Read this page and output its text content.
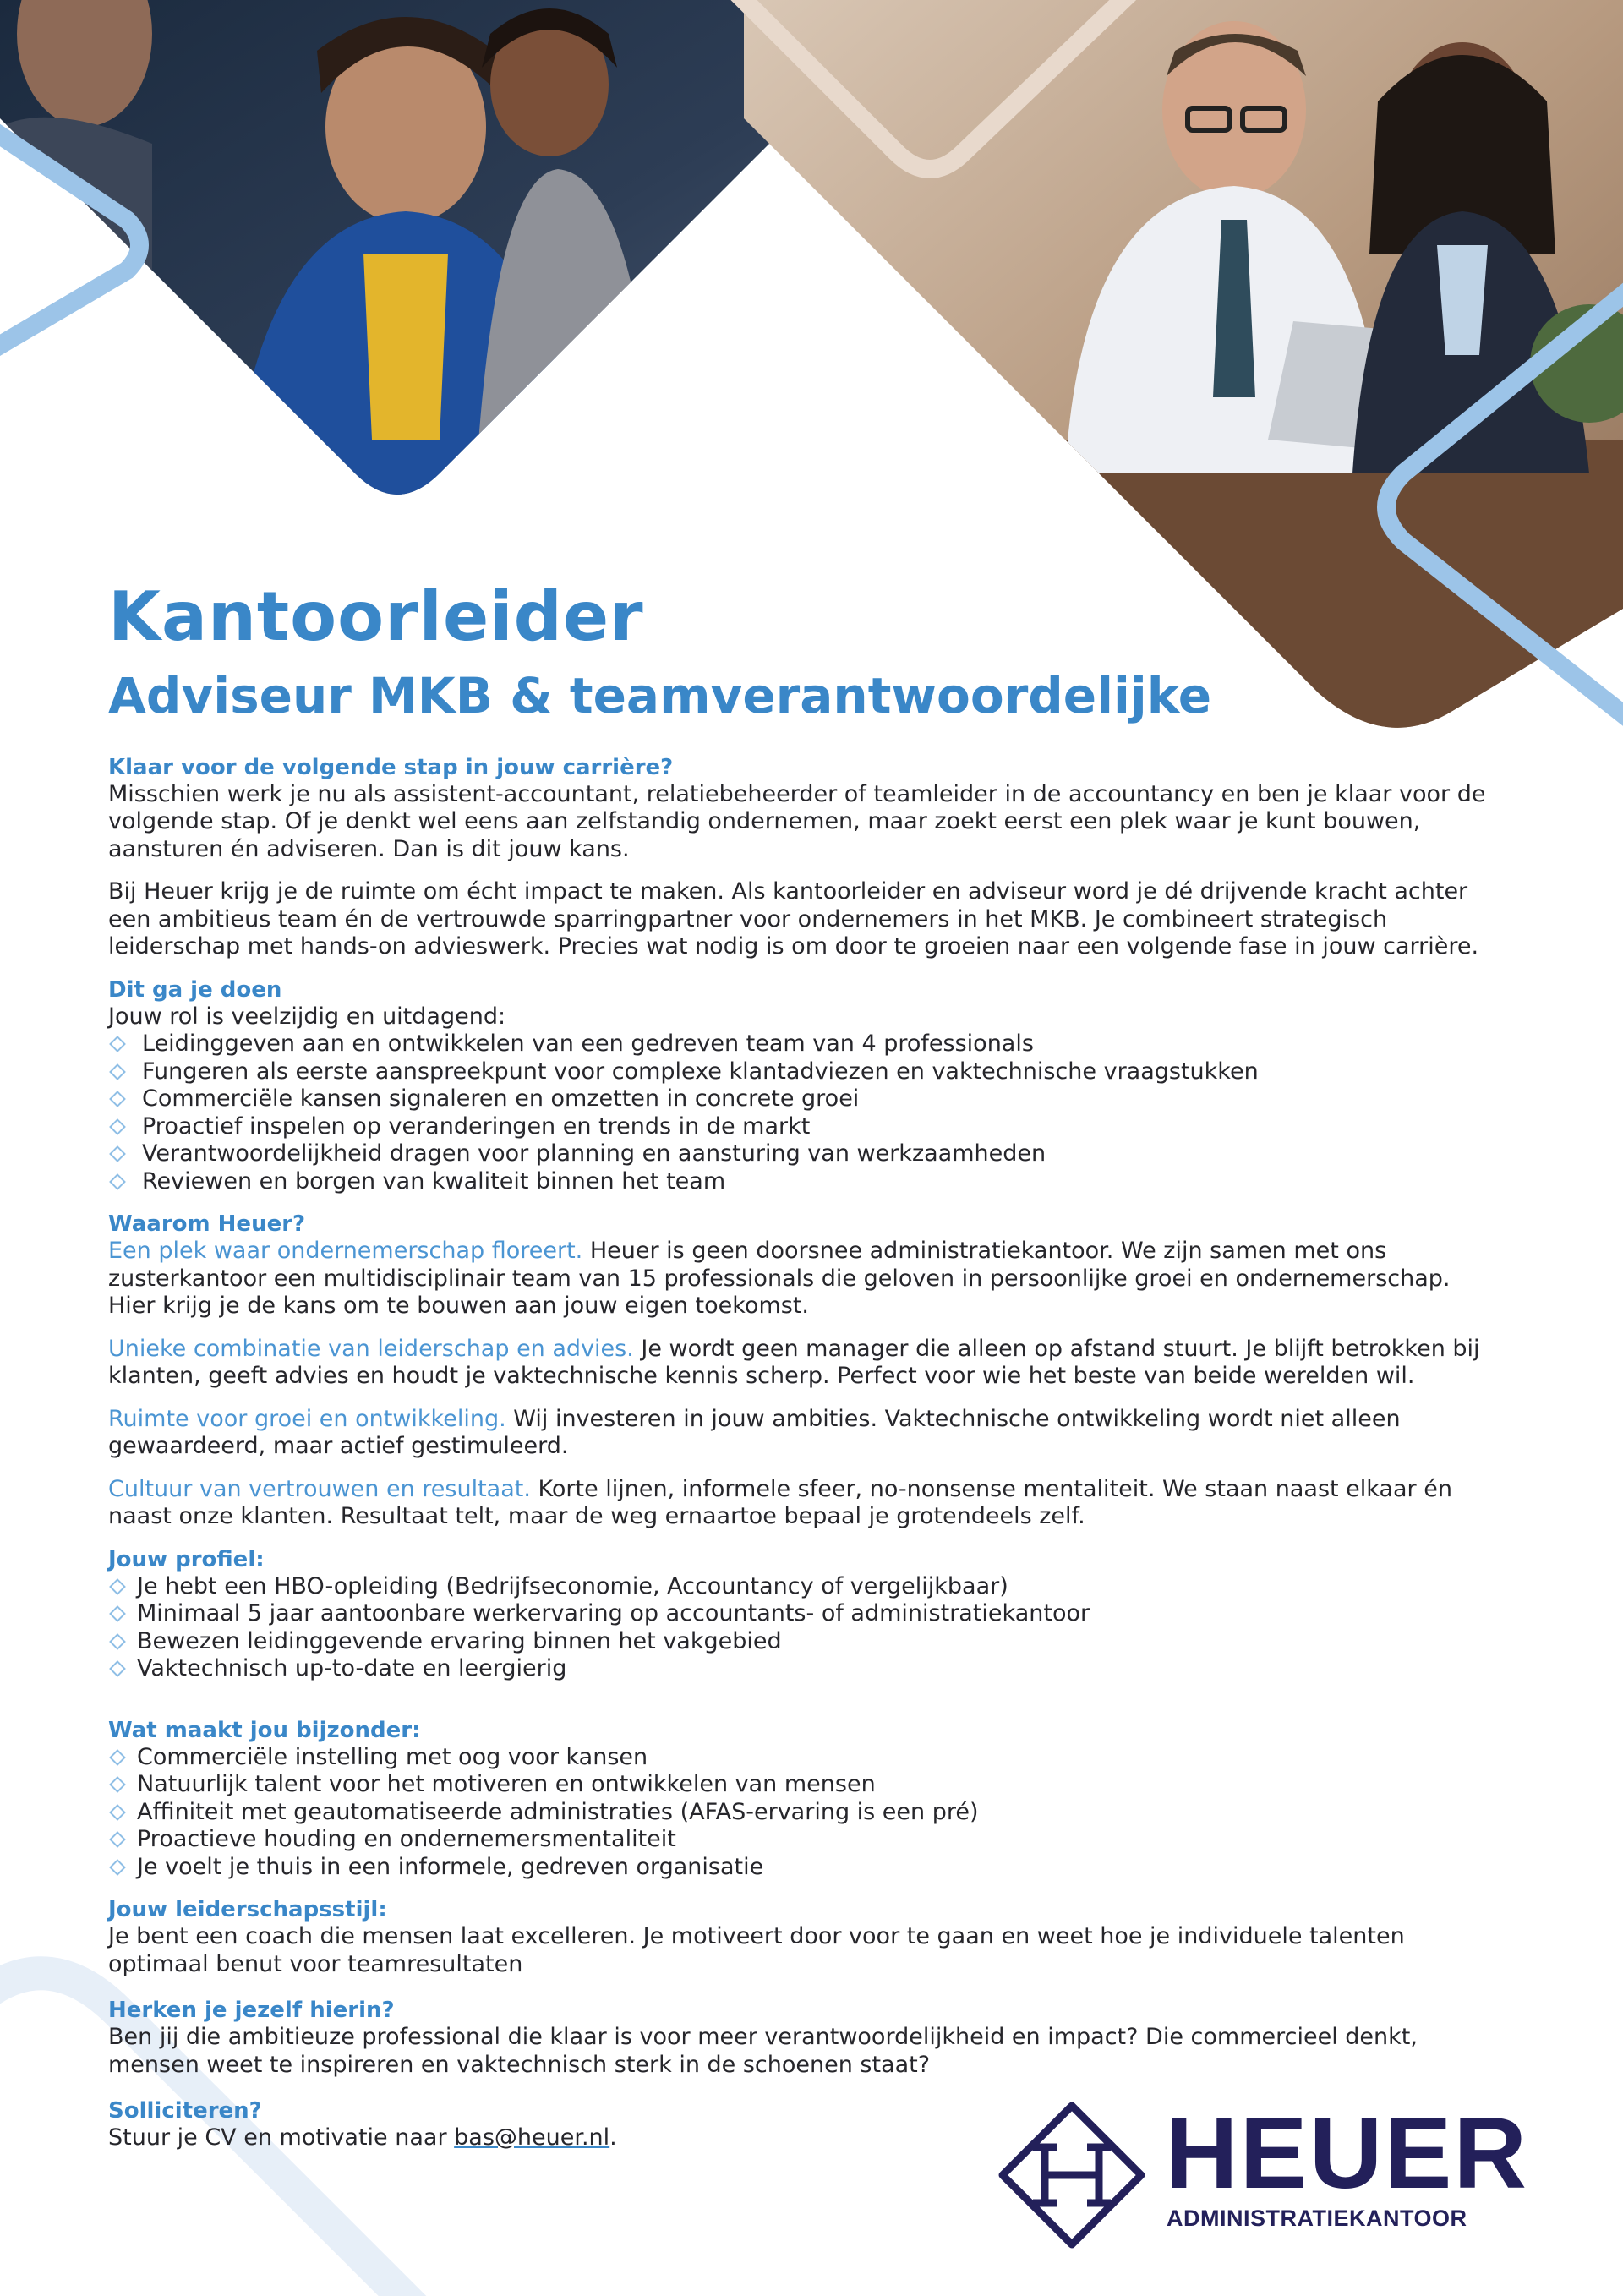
Kantoorleider
Adviseur MKB & teamverantwoordelijke
Klaar voor de volgende stap in jouw carrière?

Misschien werk je nu als assistent-accountant, relatiebeheerder of teamleider in de accountancy en ben je klaar voor de volgende stap. Of je denkt wel eens aan zelfstandig ondernemen, maar zoekt eerst een plek waar je kunt bouwen, aansturen én adviseren. Dan is dit jouw kans.

Bij Heuer krijg je de ruimte om écht impact te maken. Als kantoorleider en adviseur word je dé drijvende kracht achter een ambitieus team én de vertrouwde sparringpartner voor ondernemers in het MKB. Je combineert strategisch leiderschap met hands-on advieswerk. Precies wat nodig is om door te groeien naar een volgende fase in jouw carrière.

Dit ga je doen

Jouw rol is veelzijdig en uitdagend:

Leidinggeven aan en ontwikkelen van een gedreven team van 4 professionals
Fungeren als eerste aanspreekpunt voor complexe klantadviezen en vaktechnische vraagstukken
Commerciële kansen signaleren en omzetten in concrete groei
Proactief inspelen op veranderingen en trends in de markt
Verantwoordelijkheid dragen voor planning en aansturing van werkzaamheden
Reviewen en borgen van kwaliteit binnen het team
Waarom Heuer?

Een plek waar ondernemerschap floreert. Heuer is geen doorsnee administratiekantoor. We zijn samen met ons zusterkantoor een multidisciplinair team van 15 professionals die geloven in persoonlijke groei en ondernemerschap. Hier krijg je de kans om te bouwen aan jouw eigen toekomst.

Unieke combinatie van leiderschap en advies. Je wordt geen manager die alleen op afstand stuurt. Je blijft betrokken bij klanten, geeft advies en houdt je vaktechnische kennis scherp. Perfect voor wie het beste van beide werelden wil.

Ruimte voor groei en ontwikkeling. Wij investeren in jouw ambities. Vaktechnische ontwikkeling wordt niet alleen gewaardeerd, maar actief gestimuleerd.

Cultuur van vertrouwen en resultaat. Korte lijnen, informele sfeer, no-nonsense mentaliteit. We staan naast elkaar én naast onze klanten. Resultaat telt, maar de weg ernaartoe bepaal je grotendeels zelf.

Jouw profiel:
Je hebt een HBO-opleiding (Bedrijfseconomie, Accountancy of vergelijkbaar)
Minimaal 5 jaar aantoonbare werkervaring op accountants- of administratiekantoor
Bewezen leidinggevende ervaring binnen het vakgebied
Vaktechnisch up-to-date en leergierig
Wat maakt jou bijzonder:
Commerciële instelling met oog voor kansen
Natuurlijk talent voor het motiveren en ontwikkelen van mensen
Affiniteit met geautomatiseerde administraties (AFAS-ervaring is een pré)
Proactieve houding en ondernemersmentaliteit
Je voelt je thuis in een informele, gedreven organisatie
Jouw leiderschapsstijl:

Je bent een coach die mensen laat excelleren. Je motiveert door voor te gaan en weet hoe je individuele talenten optimaal benut voor teamresultaten

Herken je jezelf hierin?

Ben jij die ambitieuze professional die klaar is voor meer verantwoordelijkheid en impact? Die commercieel denkt, mensen weet te inspireren en vaktechnisch sterk in de schoenen staat?

Solliciteren?

Stuur je CV en motivatie naar bas@heuer.nl.

H HEUER
ADMINISTRATIEKANTOOR
